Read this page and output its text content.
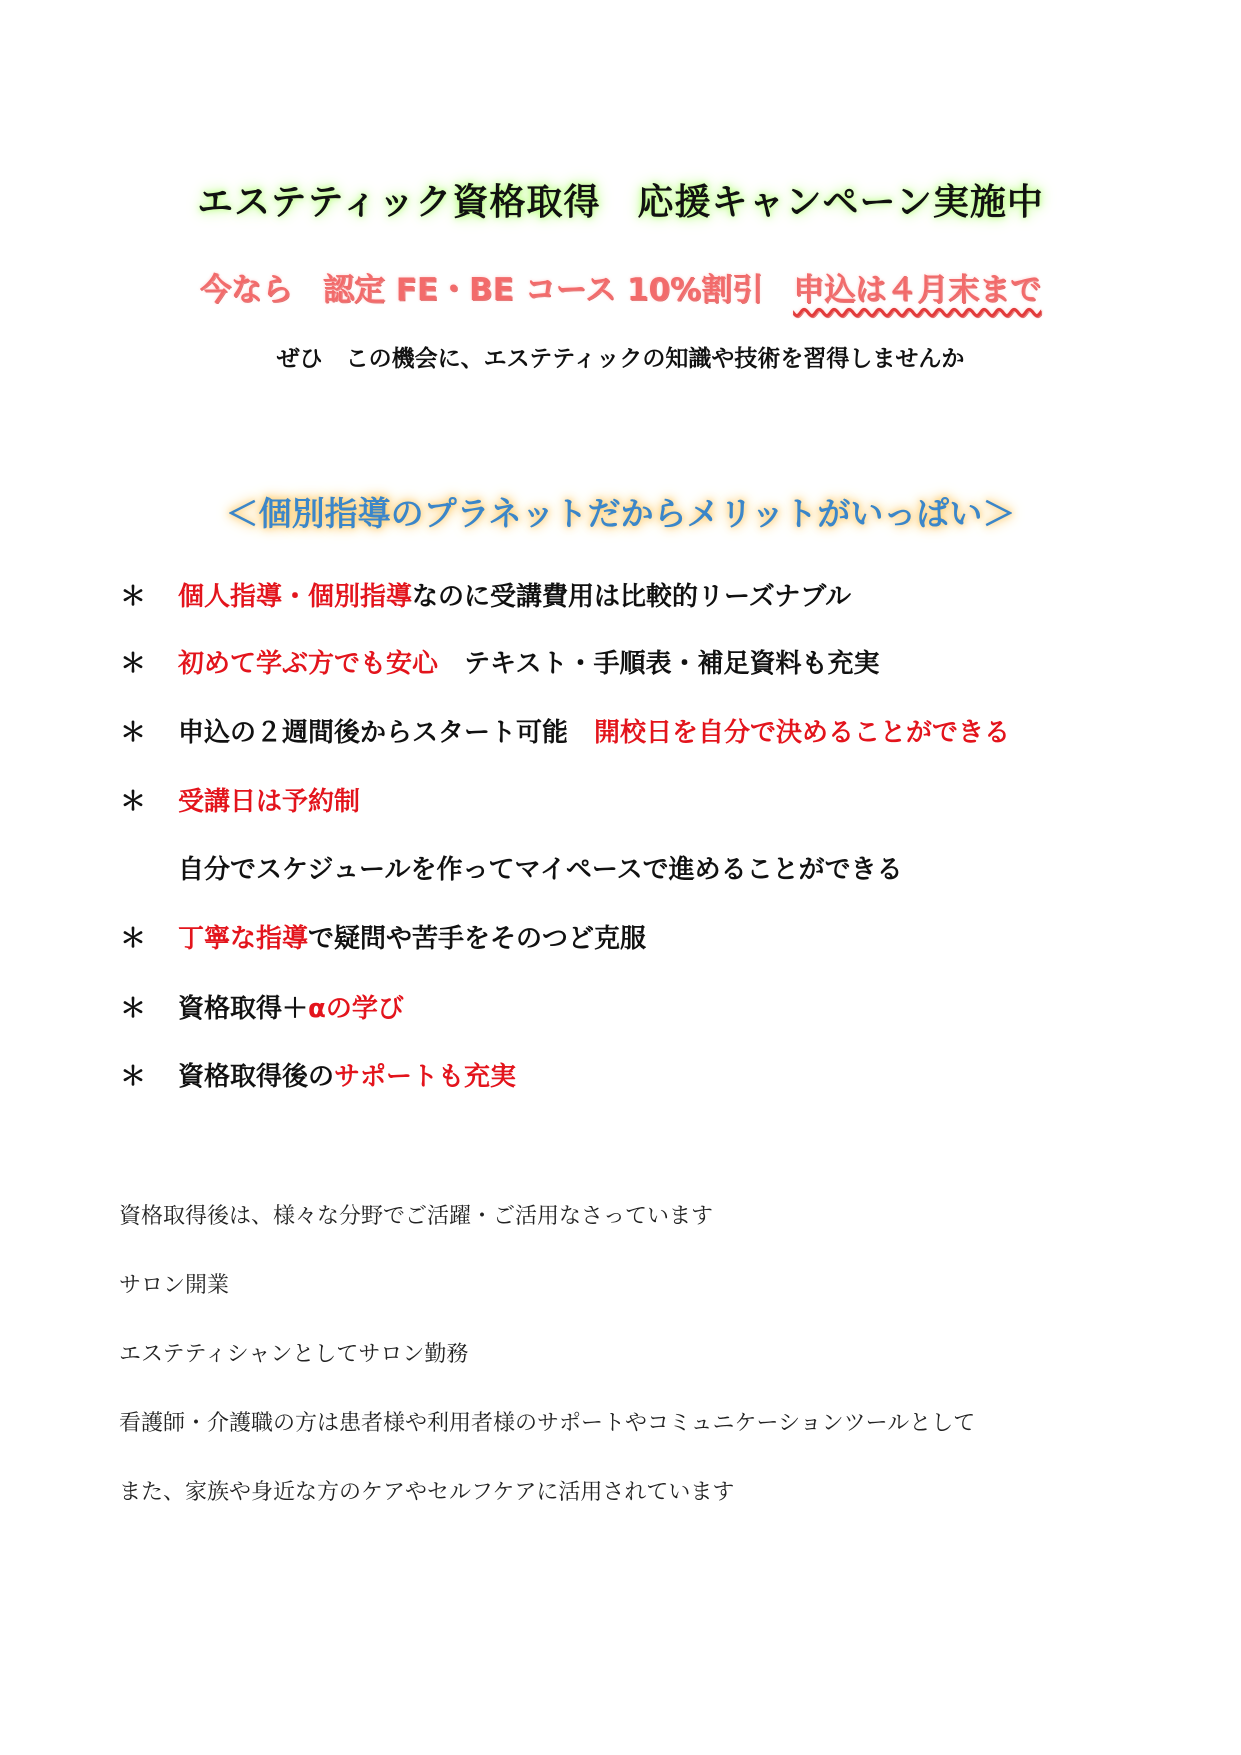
エステティック資格取得　応援キャンペーン実施中
今なら 認定 FE・BE コース 10%割引 申込は４月末まで
ぜひ　この機会に、エステティックの知識や技術を習得しませんか
＜個別指導のプラネットだからメリットがいっぱい＞
＊ 個人指導・個別指導なのに受講費用は比較的リーズナブル
＊ 初めて学ぶ方でも安心　テキスト・手順表・補足資料も充実
＊ 申込の２週間後からスタート可能　開校日を自分で決めることができる
＊ 受講日は予約制
自分でスケジュールを作ってマイペースで進めることができる
＊ 丁寧な指導で疑問や苦手をそのつど克服
＊ 資格取得＋αの学び
＊ 資格取得後のサポートも充実
資格取得後は、様々な分野でご活躍・ご活用なさっています
サロン開業
エステティシャンとしてサロン勤務
看護師・介護職の方は患者様や利用者様のサポートやコミュニケーションツールとして
また、家族や身近な方のケアやセルフケアに活用されています
